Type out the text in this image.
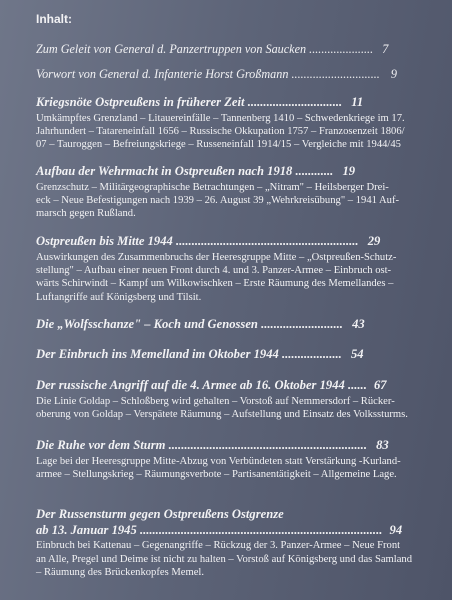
Inhalt:
Zum Geleit von General d. Panzertruppen von Saucken ..................... 7
Vorwort von General d. Infanterie Horst Großmann ............................. 9
Kriegsnöte Ostpreußens in früherer Zeit .............................. 11
Umkämpftes Grenzland – Litauereinfälle – Tannenberg 1410 – Schwedenkriege im 17.
Jahrhundert – Tatareneinfall 1656 – Russische Okkupation 1757 – Franzosenzeit 1806/
07 – Tauroggen – Befreiungskriege – Russeneinfall 1914/15 – Vergleiche mit 1944/45
Aufbau der Wehrmacht in Ostpreußen nach 1918 ............ 19
Grenzschutz – Militärgeographische Betrachtungen – „Nitram" – Heilsberger Drei-
eck – Neue Befestigungen nach 1939 – 26. August 39 „Wehrkreisübung" – 1941 Auf-
marsch gegen Rußland.
Ostpreußen bis Mitte 1944 .......................................................... 29
Auswirkungen des Zusammenbruchs der Heeresgruppe Mitte – „Ostpreußen-Schutz-
stellung" – Aufbau einer neuen Front durch 4. und 3. Panzer-Armee – Einbruch ost-
wärts Schirwindt – Kampf um Wilkowischken – Erste Räumung des Memellandes –
Luftangriffe auf Königsberg und Tilsit.
Die „Wolfsschanze" – Koch und Genossen .......................... 43
Der Einbruch ins Memelland im Oktober 1944 ................... 54
Der russische Angriff auf die 4. Armee ab 16. Oktober 1944 ...... 67
Die Linie Goldap – Schloßberg wird gehalten – Vorstoß auf Nemmersdorf – Rücker-
oberung von Goldap – Verspätete Räumung – Aufstellung und Einsatz des Volkssturms.
Die Ruhe vor dem Sturm ............................................................... 83
Lage bei der Heeresgruppe Mitte-Abzug von Verbündeten statt Verstärkung -Kurland-
armee – Stellungskrieg – Räumungsverbote – Partisanentätigkeit – Allgemeine Lage.
Der Russensturm gegen Ostpreußens Ostgrenze
ab 13. Januar 1945 ............................................................................. 94
Einbruch bei Kattenau – Gegenangriffe – Rückzug der 3. Panzer-Armee – Neue Front
an Alle, Pregel und Deime ist nicht zu halten – Vorstoß auf Königsberg und das Samland
– Räumung des Brückenkopfes Memel.
